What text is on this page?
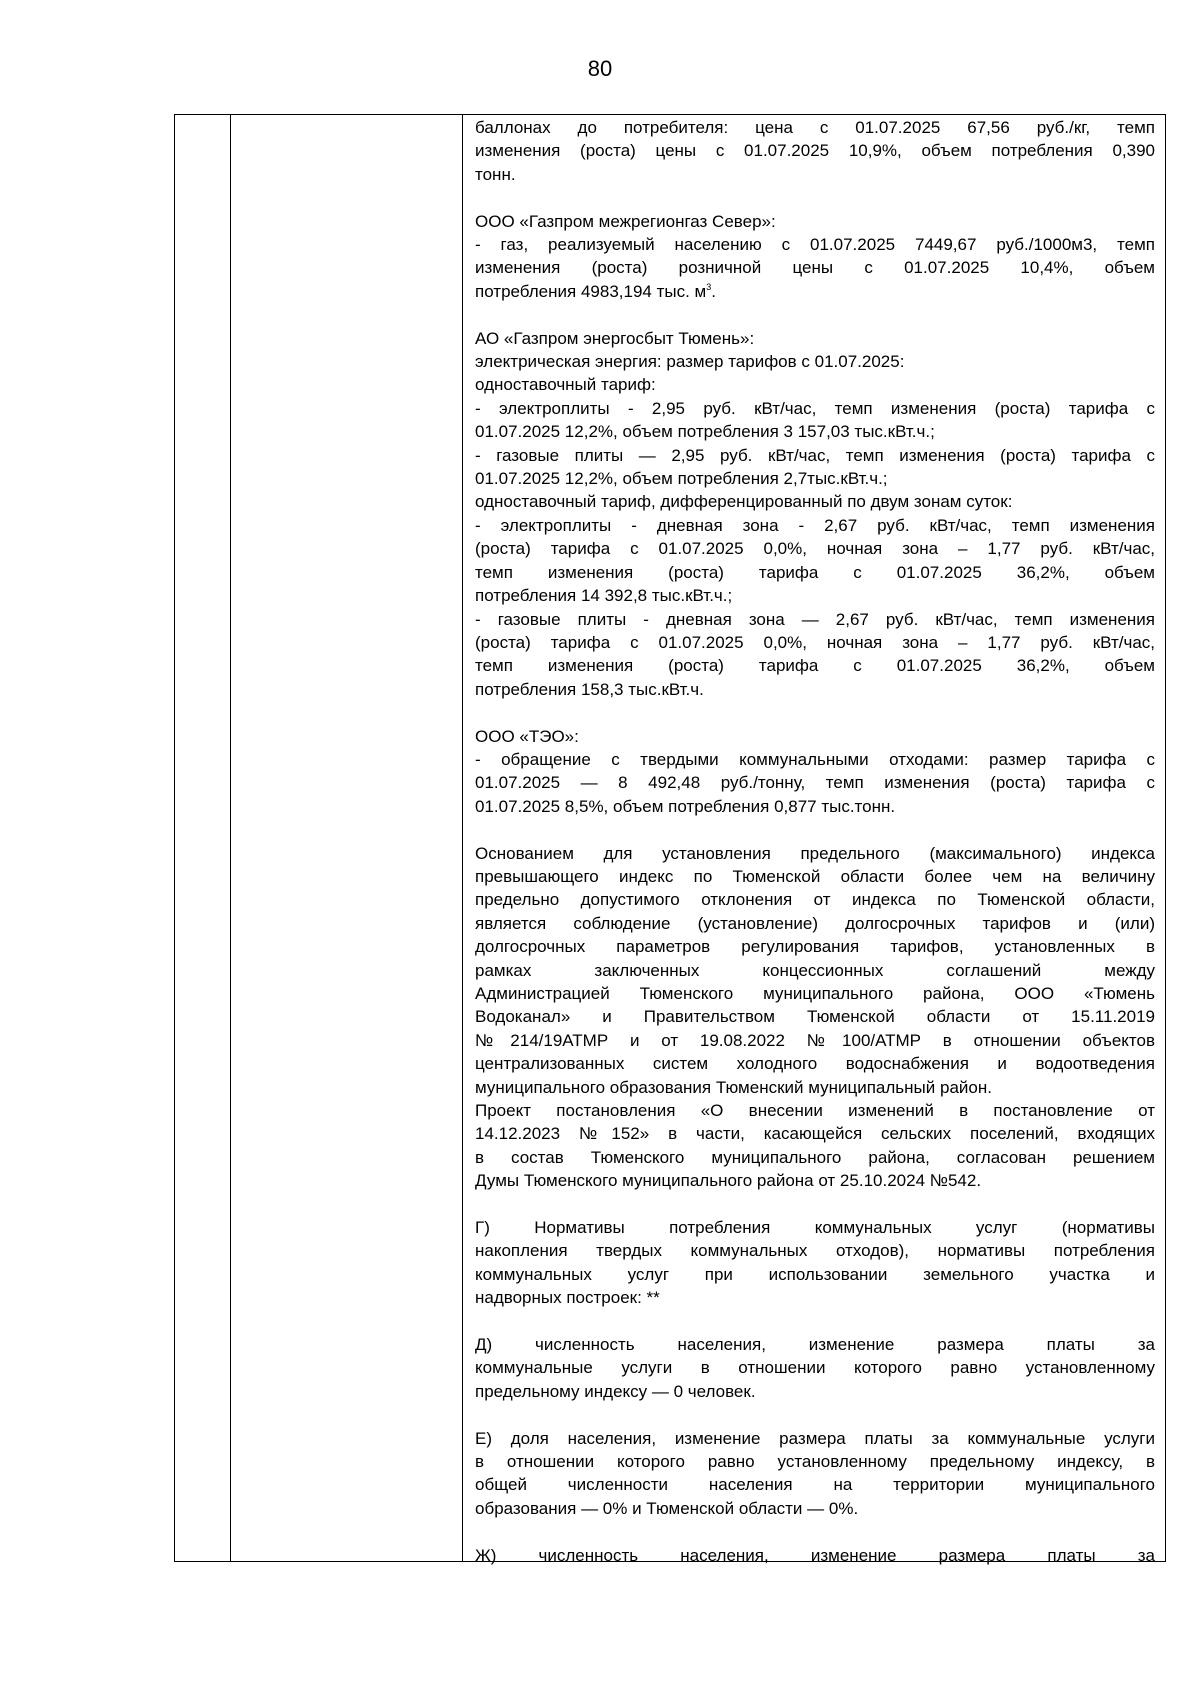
80
баллонах до потребителя: цена с 01.07.2025 67,56 руб./кг, темп
изменения (роста) цены с 01.07.2025 10,9%, объем потребления 0,390
тонн.
ООО «Газпром межрегионгаз Север»:
- газ, реализуемый населению с 01.07.2025 7449,67 руб./1000м3, темп
изменения (роста) розничной цены с 01.07.2025 10,4%, объем
потребления 4983,194 тыс. $м^3$.
АО «Газпром энергосбыт Тюмень»:
электрическая энергия: размер тарифов с 01.07.2025:
одноставочный тариф:
- электроплиты - 2,95 руб. кВт/час, темп изменения (роста) тарифа с
01.07.2025 12,2%, объем потребления 3 157,03 тыс.кВт.ч.;
- газовые плиты — 2,95 руб. кВт/час, темп изменения (роста) тарифа с
01.07.2025 12,2%, объем потребления 2,7тыс.кВт.ч.;
одноставочный тариф, дифференцированный по двум зонам суток:
- электроплиты - дневная зона - 2,67 руб. кВт/час, темп изменения
(роста) тарифа с 01.07.2025 0,0%, ночная зона – 1,77 руб. кВт/час,
темп изменения (роста) тарифа с 01.07.2025 36,2%, объем
потребления 14 392,8 тыс.кВт.ч.;
- газовые плиты - дневная зона — 2,67 руб. кВт/час, темп изменения
(роста) тарифа с 01.07.2025 0,0%, ночная зона – 1,77 руб. кВт/час,
темп изменения (роста) тарифа с 01.07.2025 36,2%, объем
потребления 158,3 тыс.кВт.ч.
ООО «ТЭО»:
- обращение с твердыми коммунальными отходами: размер тарифа с
01.07.2025 — 8 492,48 руб./тонну, темп изменения (роста) тарифа с
01.07.2025 8,5%, объем потребления 0,877 тыс.тонн.
Основанием для установления предельного (максимального) индекса
превышающего индекс по Тюменской области более чем на величину
предельно допустимого отклонения от индекса по Тюменской области,
является соблюдение (установление) долгосрочных тарифов и (или)
долгосрочных параметров регулирования тарифов, установленных в
рамках заключенных концессионных соглашений между
Администрацией Тюменского муниципального района, ООО «Тюмень
Водоканал» и Правительством Тюменской области от 15.11.2019
№214/19АТМР и от 19.08.2022 №100/АТМР в отношении объектов
централизованных систем холодного водоснабжения и водоотведения
муниципального образования Тюменский муниципальный район.
Проект постановления «О внесении изменений в постановление от
14.12.2023 №152» в части, касающейся сельских поселений, входящих
в состав Тюменского муниципального района, согласован решением
Думы Тюменского муниципального района от 25.10.2024 №542.
Г) Нормативы потребления коммунальных услуг (нормативы
накопления твердых коммунальных отходов), нормативы потребления
коммунальных услуг при использовании земельного участка и
надворных построек: **
Д) численность населения, изменение размера платы за
коммунальные услуги в отношении которого равно установленному
предельному индексу — 0 человек.
Е) доля населения, изменение размера платы за коммунальные услуги
в отношении которого равно установленному предельному индексу, в
общей численности населения на территории муниципального
образования — 0% и Тюменской области — 0%.
Ж) численность населения, изменение размера платы за
